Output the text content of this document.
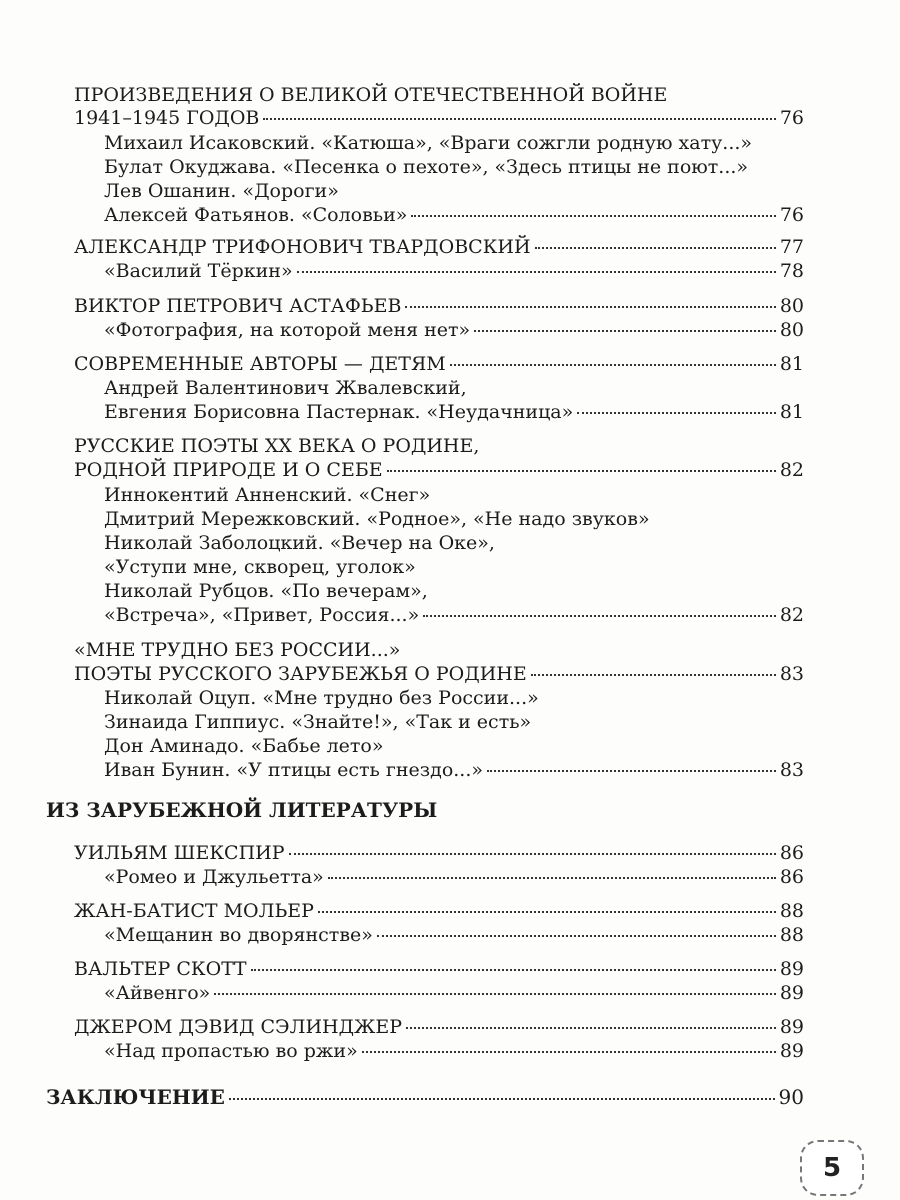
ПРОИЗВЕДЕНИЯ О ВЕЛИКОЙ ОТЕЧЕСТВЕННОЙ ВОЙНЕ
1941–1945 ГОДОВ	76
Михаил Исаковский. «Катюша», «Враги сожгли родную хату...»
Булат Окуджава. «Песенка о пехоте», «Здесь птицы не поют...»
Лев Ошанин. «Дороги»
Алексей Фатьянов. «Соловьи»	76
АЛЕКСАНДР ТРИФОНОВИЧ ТВАРДОВСКИЙ	77
«Василий Тёркин»	78
ВИКТОР ПЕТРОВИЧ АСТАФЬЕВ	80
«Фотография, на которой меня нет»	80
СОВРЕМЕННЫЕ АВТОРЫ — ДЕТЯМ	81
Андрей Валентинович Жвалевский,
Евгения Борисовна Пастернак. «Неудачница»	81
РУССКИЕ ПОЭТЫ XX ВЕКА О РОДИНЕ,
РОДНОЙ ПРИРОДЕ И О СЕБЕ	82
Иннокентий Анненский. «Снег»
Дмитрий Мережковский. «Родное», «Не надо звуков»
Николай Заболоцкий. «Вечер на Оке»,
«Уступи мне, скворец, уголок»
Николай Рубцов. «По вечерам»,
«Встреча», «Привет, Россия...»	82
«МНЕ ТРУДНО БЕЗ РОССИИ...»
ПОЭТЫ РУССКОГО ЗАРУБЕЖЬЯ О РОДИНЕ	83
Николай Оцуп. «Мне трудно без России...»
Зинаида Гиппиус. «Знайте!», «Так и есть»
Дон Аминадо. «Бабье лето»
Иван Бунин. «У птицы есть гнездо...»	83
ИЗ ЗАРУБЕЖНОЙ ЛИТЕРАТУРЫ
УИЛЬЯМ ШЕКСПИР	86
«Ромео и Джульетта»	86
ЖАН-БАТИСТ МОЛЬЕР	88
«Мещанин во дворянстве»	88
ВАЛЬТЕР СКОТТ	89
«Айвенго»	89
ДЖЕРОМ ДЭВИД СЭЛИНДЖЕР	89
«Над пропастью во ржи»	89
ЗАКЛЮЧЕНИЕ	90
5
